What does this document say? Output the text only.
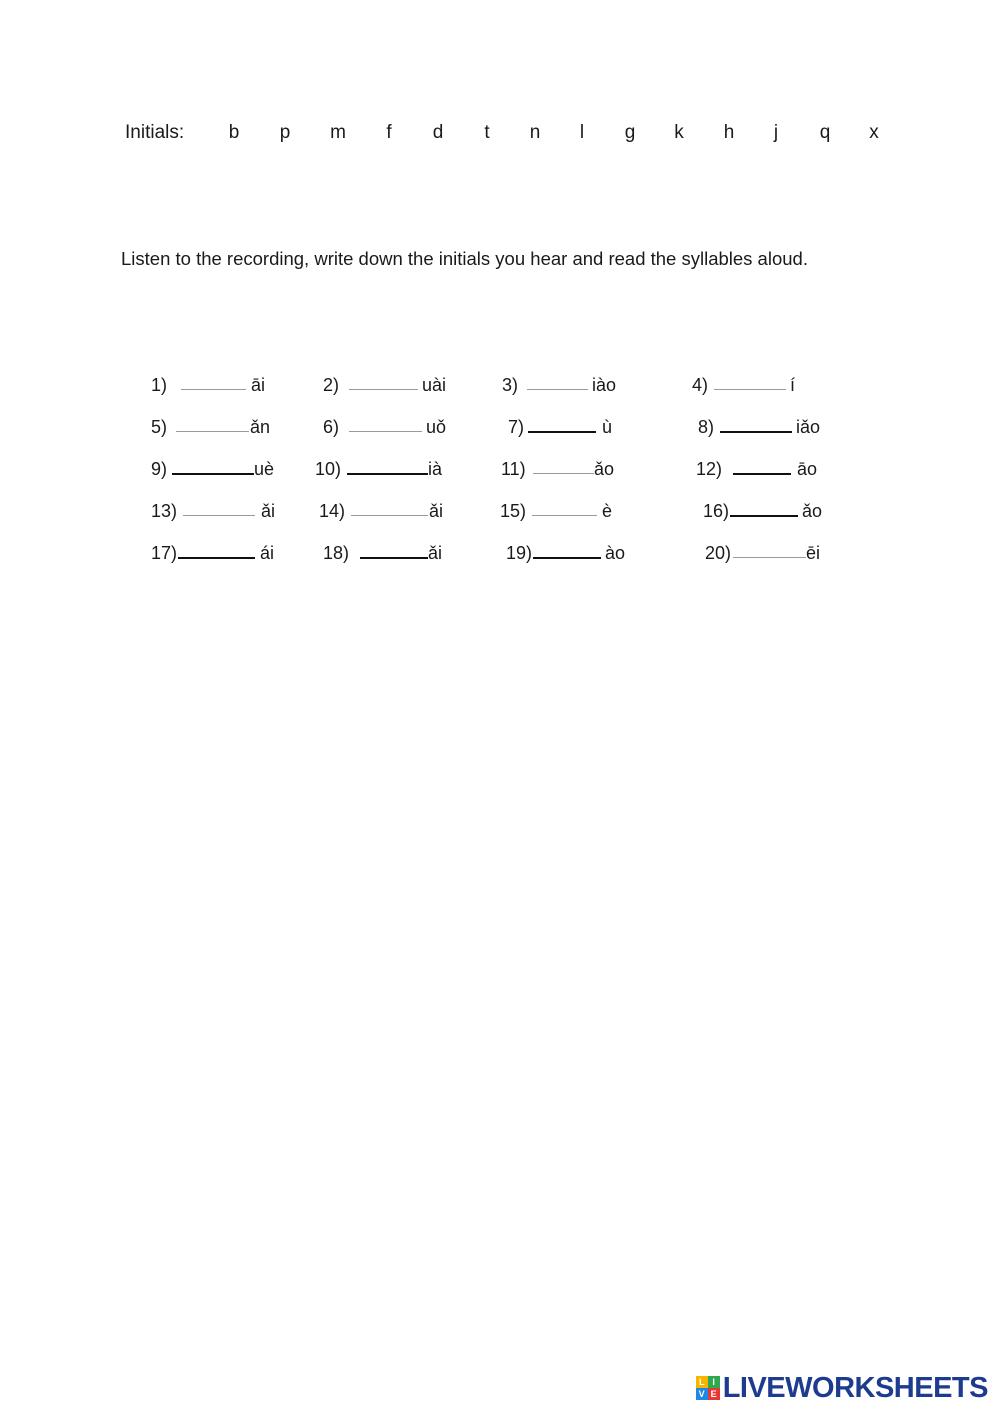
Initials: b p m f d t n l g k h j q x
Listen to the recording, write down the initials you hear and read the syllables aloud.
1)	āi	2)	uài	3)	iào	4)	í
5)	ǎn	6)	uǒ	7)	ù	8)	iǎo
9)	uè 10)	ià	11)	ǎo	12)	āo
13)	ǎi 14)	ǎi	15)	è	16)	ǎo
17)	ái	18)	ǎi	19)	ào	20)	ēi
L I
V E LIVEWORKSHEETS
